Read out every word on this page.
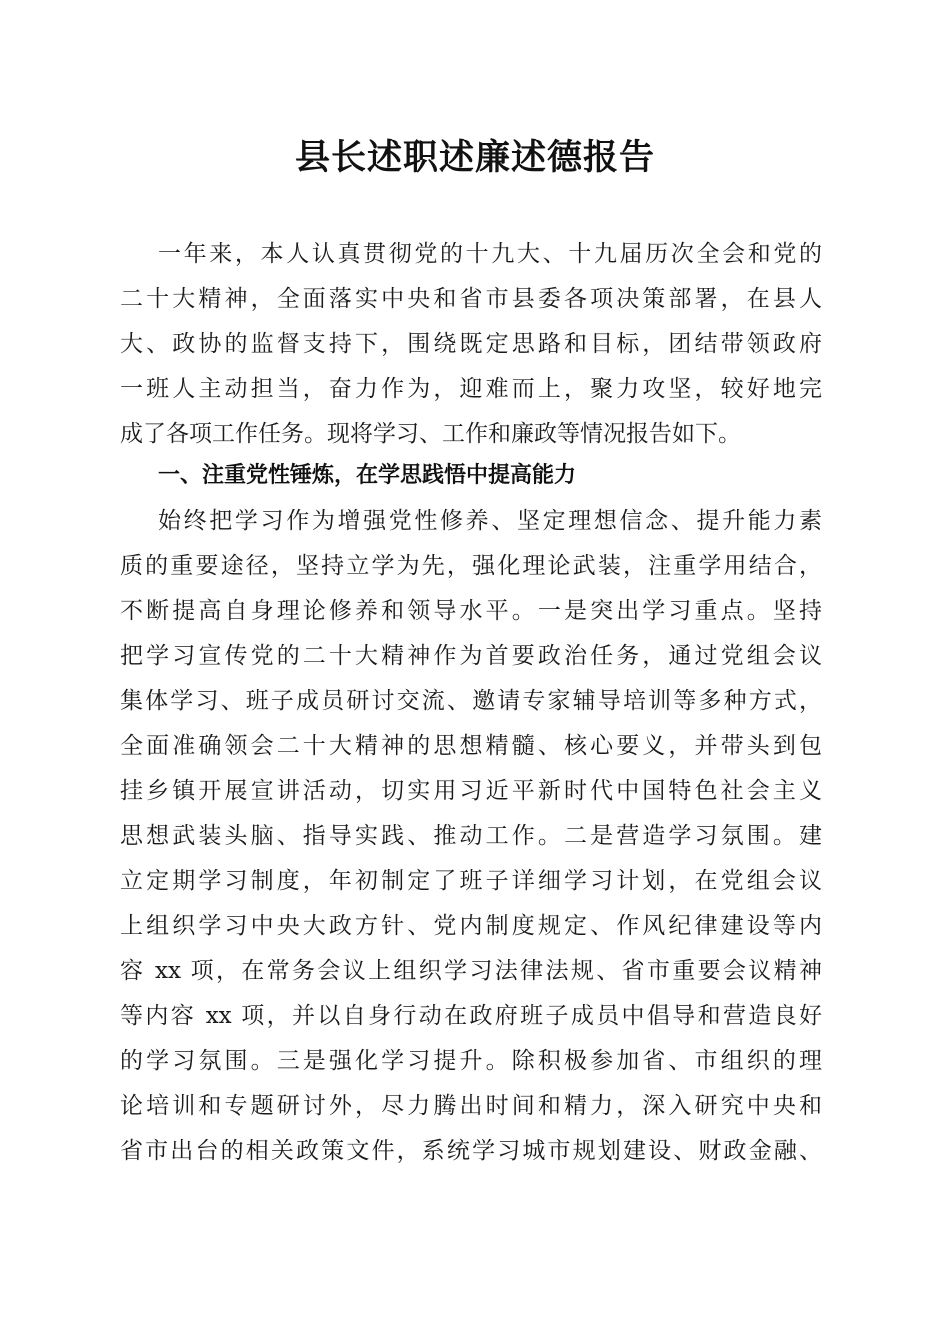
县长述职述廉述德报告
一年来，本人认真贯彻党的十九大、十九届历次全会和党的
二十大精神，全面落实中央和省市县委各项决策部署，在县人
大、政协的监督支持下，围绕既定思路和目标，团结带领政府
一班人主动担当，奋力作为，迎难而上，聚力攻坚，较好地完
成了各项工作任务。现将学习、工作和廉政等情况报告如下。
一、注重党性锤炼，在学思践悟中提高能力
始终把学习作为增强党性修养、坚定理想信念、提升能力素
质的重要途径，坚持立学为先，强化理论武装，注重学用结合，
不断提高自身理论修养和领导水平。一是突出学习重点。坚持
把学习宣传党的二十大精神作为首要政治任务，通过党组会议
集体学习、班子成员研讨交流、邀请专家辅导培训等多种方式，
全面准确领会二十大精神的思想精髓、核心要义，并带头到包
挂乡镇开展宣讲活动，切实用习近平新时代中国特色社会主义
思想武装头脑、指导实践、推动工作。二是营造学习氛围。建
立定期学习制度，年初制定了班子详细学习计划，在党组会议
上组织学习中央大政方针、党内制度规定、作风纪律建设等内
容 xx 项，在常务会议上组织学习法律法规、省市重要会议精神
等内容 xx 项，并以自身行动在政府班子成员中倡导和营造良好
的学习氛围。三是强化学习提升。除积极参加省、市组织的理
论培训和专题研讨外，尽力腾出时间和精力，深入研究中央和
省市出台的相关政策文件，系统学习城市规划建设、财政金融、
